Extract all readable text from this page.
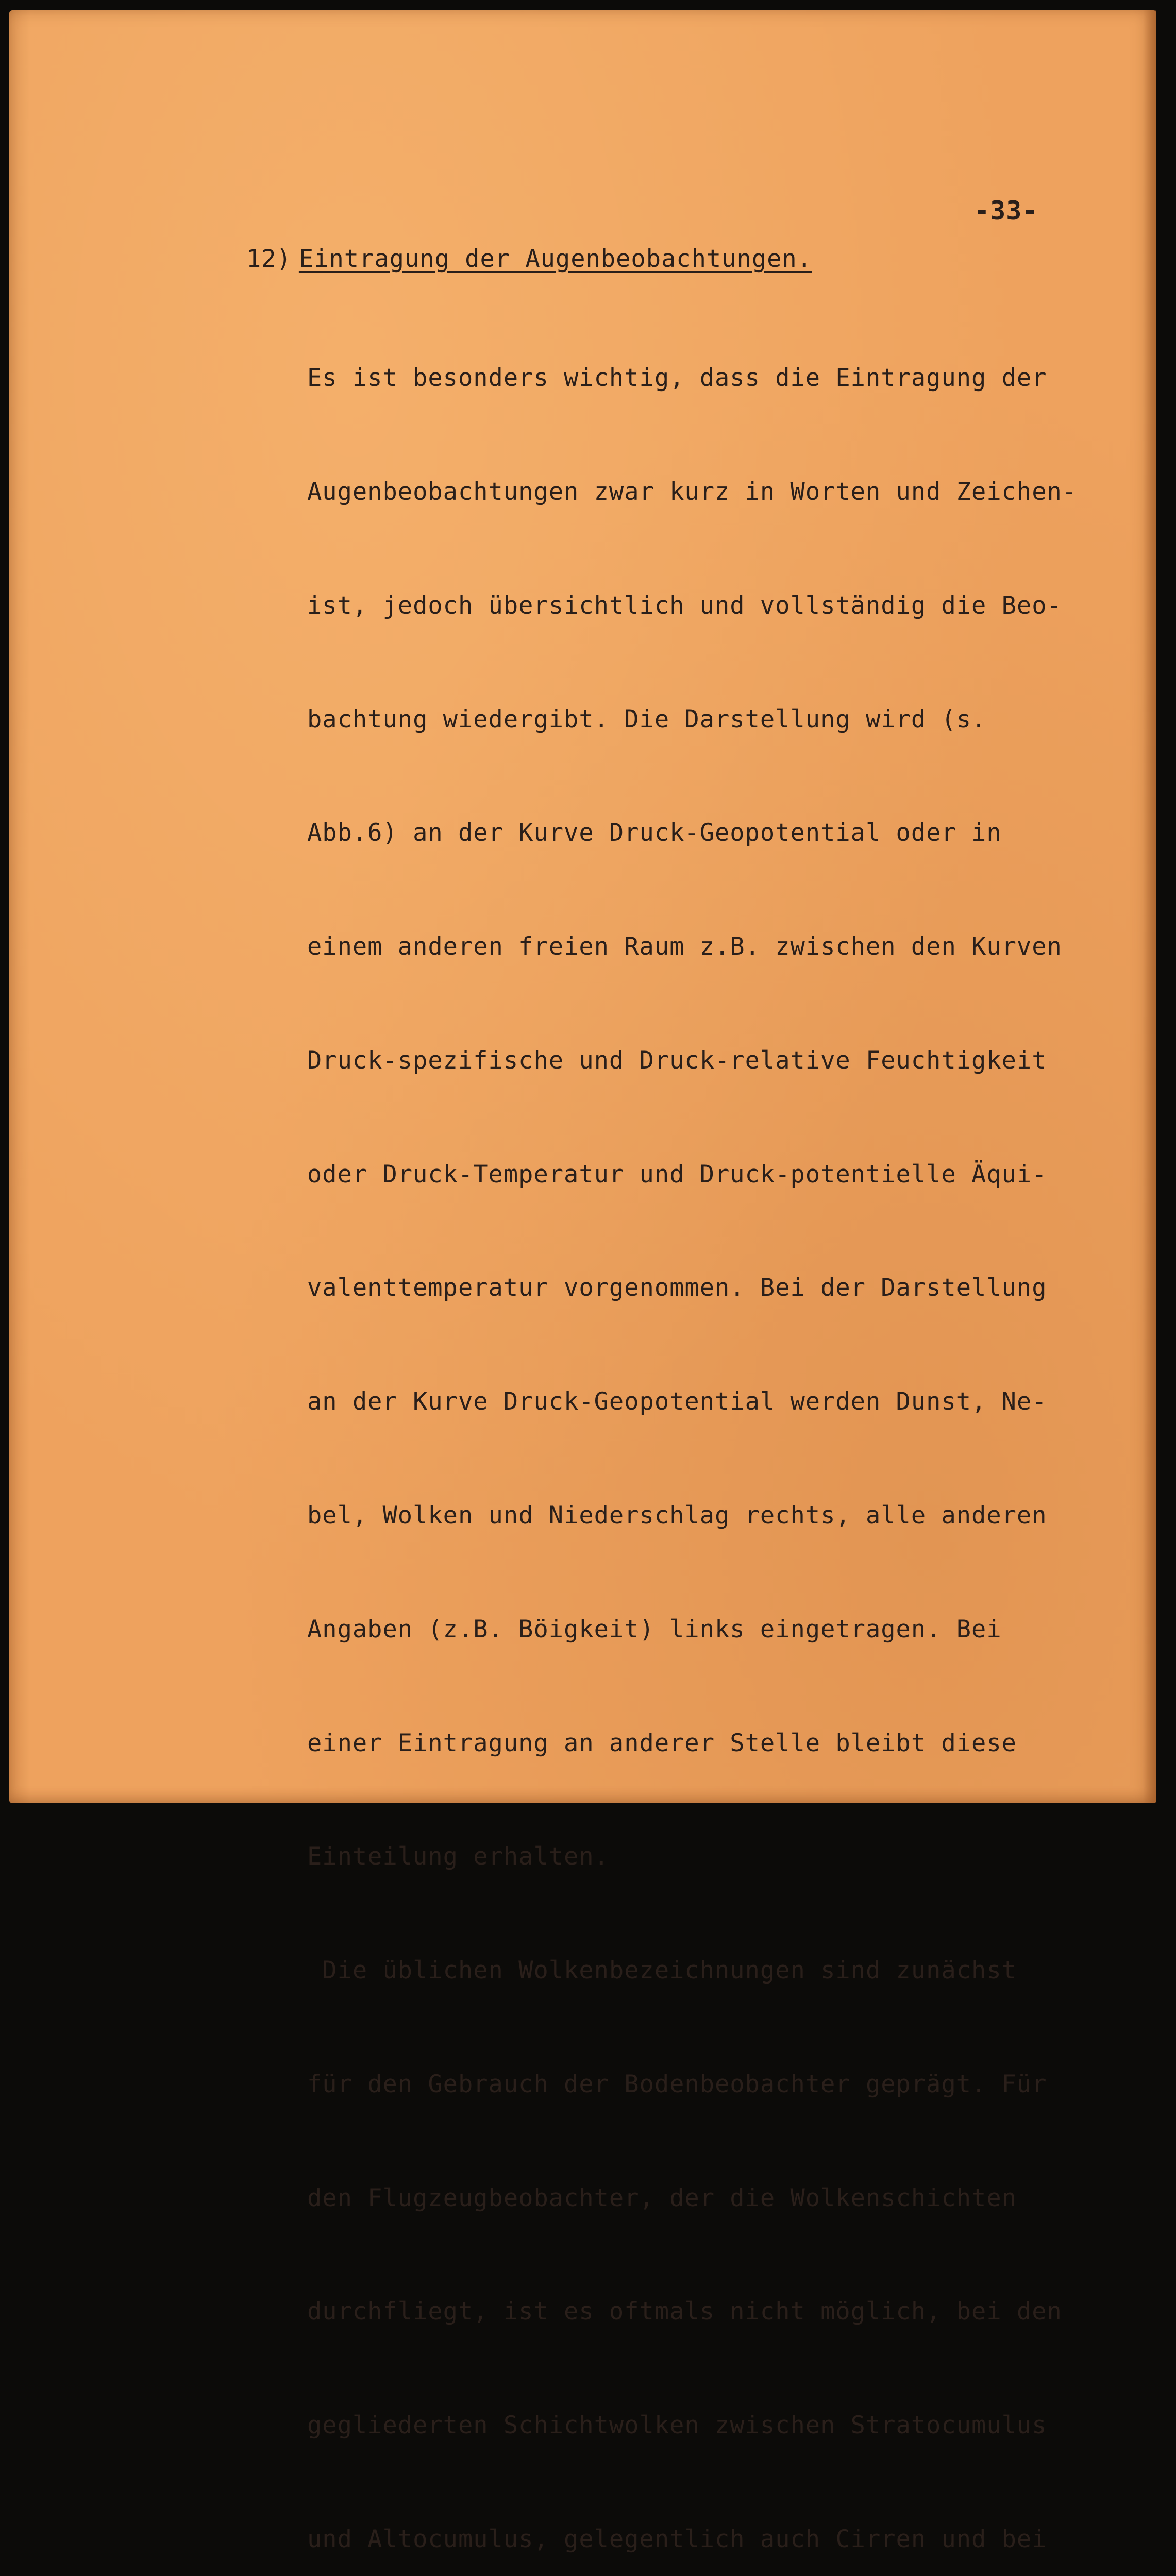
-33-
12) Eintragung der Augenbeobachtungen.

Es ist besonders wichtig, dass die Eintragung der

Augenbeobachtungen zwar kurz in Worten und Zeichen-

ist, jedoch übersichtlich und vollständig die Beo-

bachtung wiedergibt. Die Darstellung wird (s.

Abb.6) an der Kurve Druck-Geopotential oder in

einem anderen freien Raum z.B. zwischen den Kurven

Druck-spezifische und Druck-relative Feuchtigkeit

oder Druck-Temperatur und Druck-potentielle Äqui-

valenttemperatur vorgenommen. Bei der Darstellung

an der Kurve Druck-Geopotential werden Dunst, Ne-

bel, Wolken und Niederschlag rechts, alle anderen

Angaben (z.B. Böigkeit) links eingetragen. Bei

einer Eintragung an anderer Stelle bleibt diese

Einteilung erhalten.

Die üblichen Wolkenbezeichnungen sind zunächst

für den Gebrauch der Bodenbeobachter geprägt. Für

den Flugzeugbeobachter, der die Wolkenschichten

durchfliegt, ist es oftmals nicht möglich, bei den

gegliederten Schichtwolken zwischen Stratocumulus

und Altocumulus, gelegentlich auch Cirren und bei
